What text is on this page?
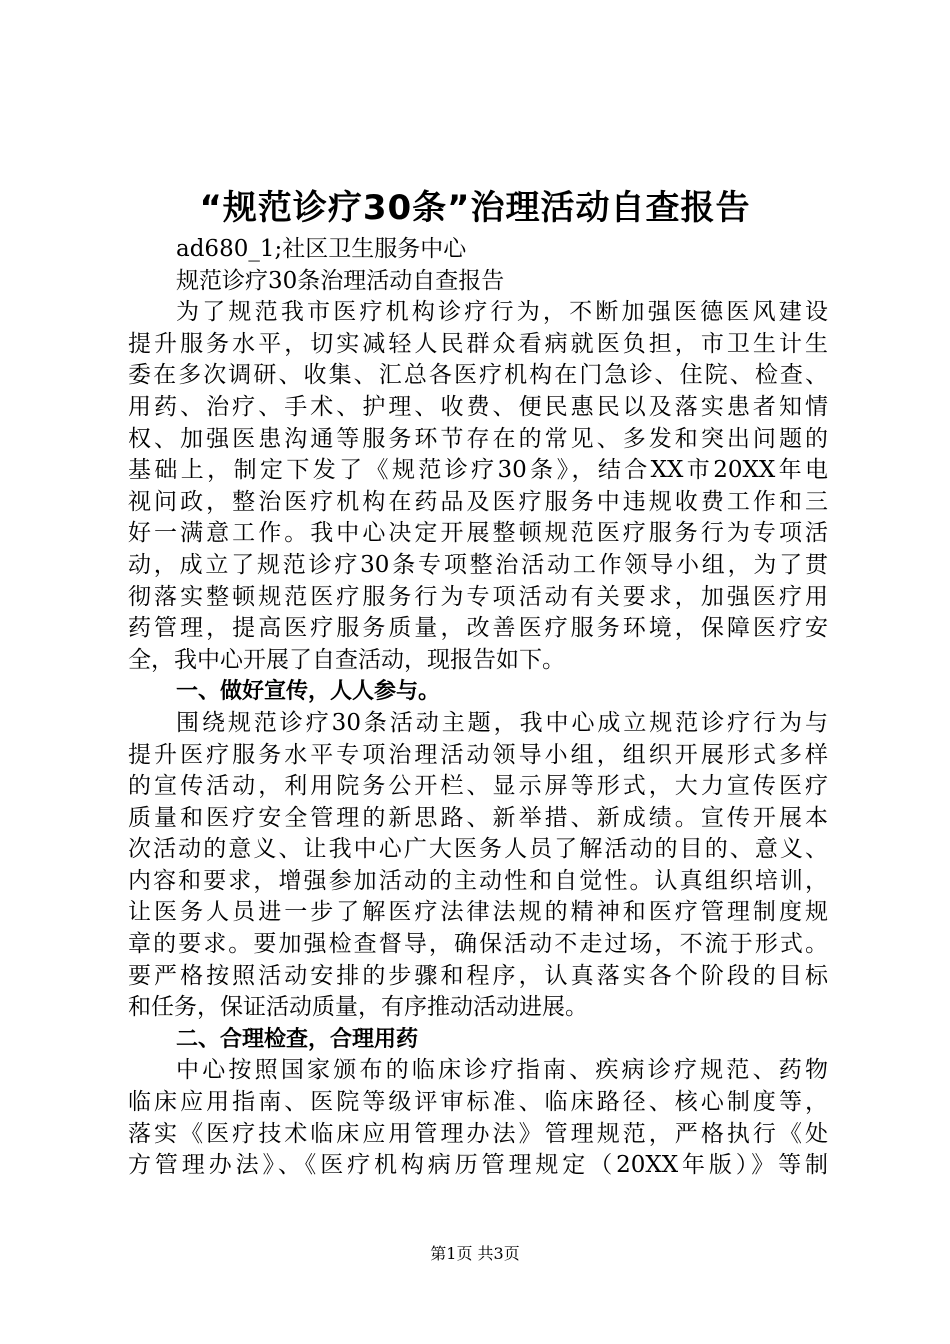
“规范诊疗30条”治理活动自查报告
ad680_1;社区卫生服务中心
规范诊疗30条治理活动自查报告
为了规范我市医疗机构诊疗行为，不断加强医德医风建设
提升服务水平，切实减轻人民群众看病就医负担，市卫生计生
委在多次调研、收集、汇总各医疗机构在门急诊、住院、检查、
用药、治疗、手术、护理、收费、便民惠民以及落实患者知情
权、加强医患沟通等服务环节存在的常见、多发和突出问题的
基础上，制定下发了《规范诊疗30条》，结合XX市20XX年电
视问政，整治医疗机构在药品及医疗服务中违规收费工作和三
好一满意工作。我中心决定开展整顿规范医疗服务行为专项活
动，成立了规范诊疗30条专项整治活动工作领导小组，为了贯
彻落实整顿规范医疗服务行为专项活动有关要求，加强医疗用
药管理，提高医疗服务质量，改善医疗服务环境，保障医疗安
全，我中心开展了自查活动，现报告如下。
一、做好宣传，人人参与。
围绕规范诊疗30条活动主题，我中心成立规范诊疗行为与
提升医疗服务水平专项治理活动领导小组，组织开展形式多样
的宣传活动，利用院务公开栏、显示屏等形式，大力宣传医疗
质量和医疗安全管理的新思路、新举措、新成绩。宣传开展本
次活动的意义、让我中心广大医务人员了解活动的目的、意义、
内容和要求，增强参加活动的主动性和自觉性。认真组织培训，
让医务人员进一步了解医疗法律法规的精神和医疗管理制度规
章的要求。要加强检查督导，确保活动不走过场，不流于形式。
要严格按照活动安排的步骤和程序，认真落实各个阶段的目标
和任务，保证活动质量，有序推动活动进展。
二、合理检查，合理用药
中心按照国家颁布的临床诊疗指南、疾病诊疗规范、药物
临床应用指南、医院等级评审标准、临床路径、核心制度等，
落实《医疗技术临床应用管理办法》管理规范，严格执行《处
方管理办法》、《医疗机构病历管理规定（20XX年版）》等制
第1页 共3页
